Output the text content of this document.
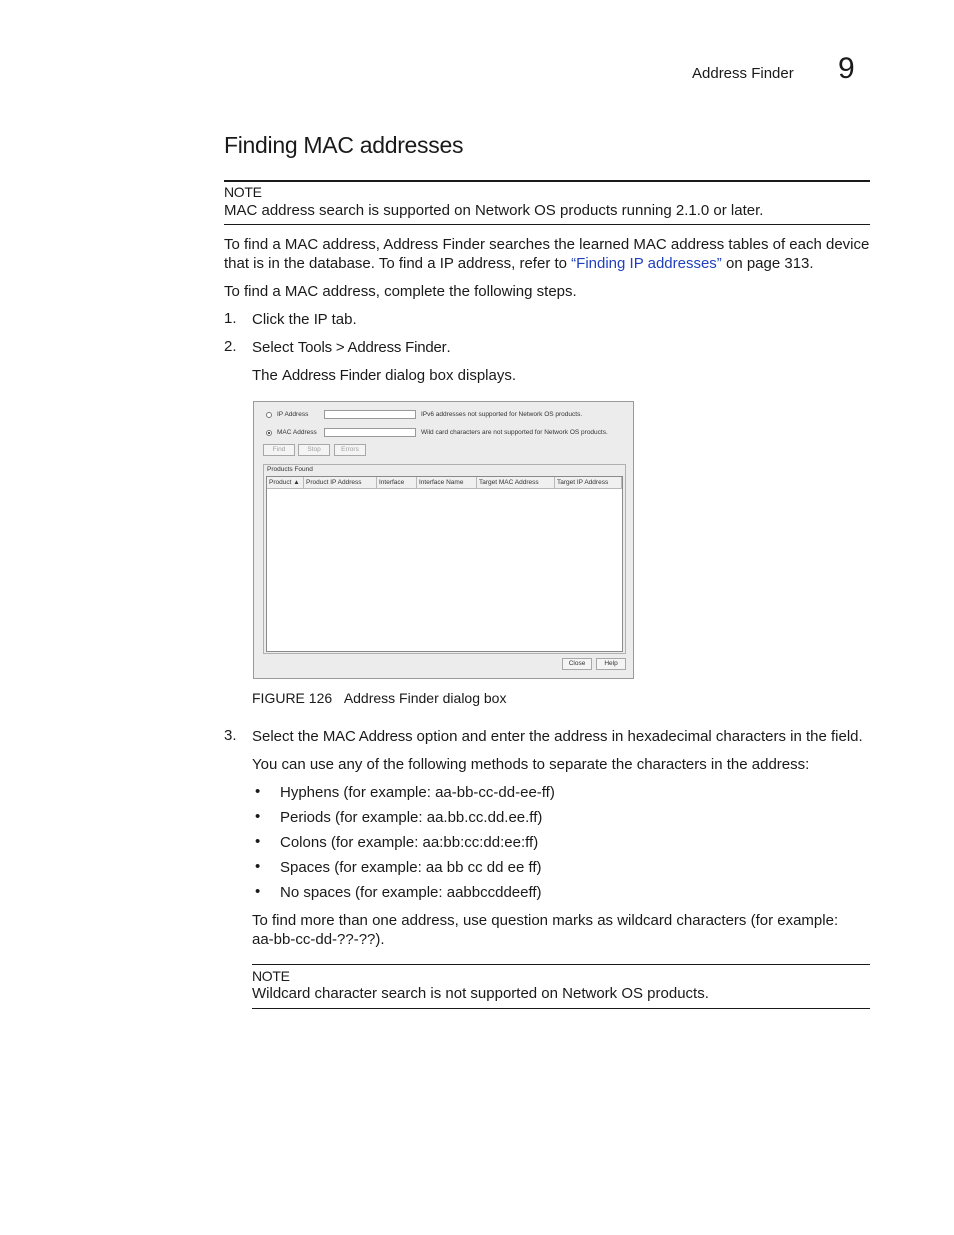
Address Finder 9
Finding MAC addresses
NOTE
MAC address search is supported on Network OS products running 2.1.0 or later.
To find a MAC address, Address Finder searches the learned MAC address tables of each device
that is in the database. To find a IP address, refer to “Finding IP addresses” on page 313.
To find a MAC address, complete the following steps.
1. Click the IP tab.
2. Select Tools > Address Finder.
The Address Finder dialog box displays.
IP Address	IPv6 addresses not supported for Network OS products.
MAC Address	Wild card characters are not supported for Network OS products.
Find	Stop	Errors
Products Found
Product ▲ Product IP Address	Interface	Interface Name	Target MAC Address	Target IP Address
Close	Help
FIGURE 126 Address Finder dialog box
3. Select the MAC Address option and enter the address in hexadecimal characters in the field.
You can use any of the following methods to separate the characters in the address:
• Hyphens (for example: aa-bb-cc-dd-ee-ff)
• Periods (for example: aa.bb.cc.dd.ee.ff)
• Colons (for example: aa:bb:cc:dd:ee:ff)
• Spaces (for example: aa bb cc dd ee ff)
• No spaces (for example: aabbccddeeff)
To find more than one address, use question marks as wildcard characters (for example:
aa-bb-cc-dd-??-??).
NOTE
Wildcard character search is not supported on Network OS products.
